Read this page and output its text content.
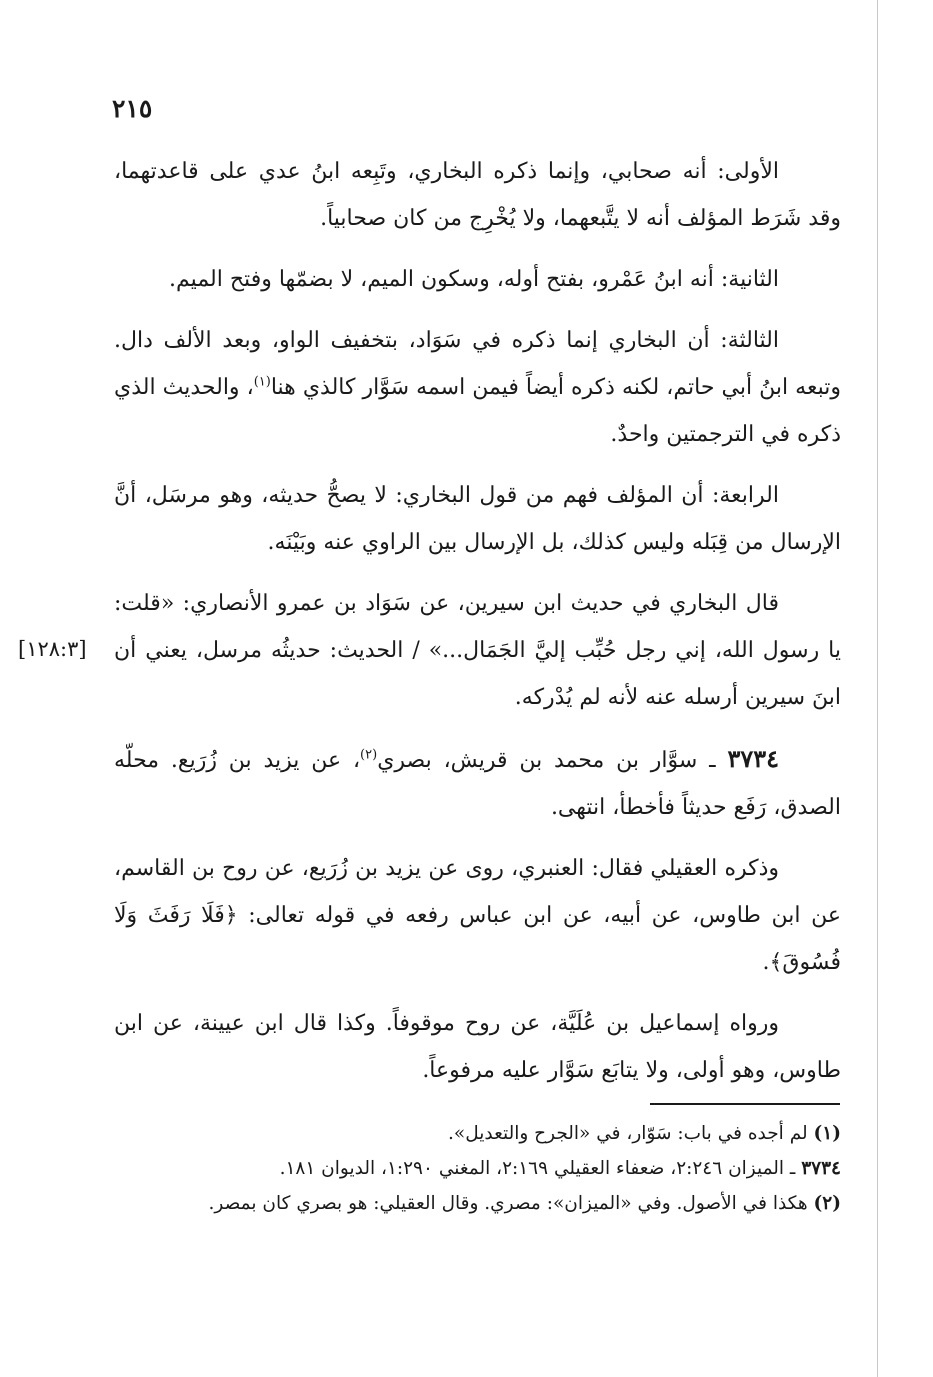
٢١٥
[١٢٨:٣]

الأولى: أنه صحابي، وإنما ذكره البخاري، وتَبِعه ابنُ عدي على قاعدتهما، وقد شَرَط المؤلف أنه لا يتَّبعهما، ولا يُخْرِج من كان صحابياً.

الثانية: أنه ابنُ عَمْرو، بفتح أوله، وسكون الميم، لا بضمّها وفتح الميم.

الثالثة: أن البخاري إنما ذكره في سَوَاد، بتخفيف الواو، وبعد الألف دال. وتبعه ابنُ أبي حاتم، لكنه ذكره أيضاً فيمن اسمه سَوَّار كالذي هنا$^{(١)}$، والحديث الذي ذكره في الترجمتين واحدٌ.

الرابعة: أن المؤلف فهم من قول البخاري: لا يصحُّ حديثه، وهو مرسَل، أنَّ الإرسال من قِبَله وليس كذلك، بل الإرسال بين الراوي عنه وبَيْنَه.

قال البخاري في حديث ابن سيرين، عن سَوَاد بن عمرو الأنصاري: «قلت: يا رسول الله، إني رجل حُبِّب إليَّ الجَمَال...» / الحديث: حديثُه مرسل، يعني أن ابنَ سيرين أرسله عنه لأنه لم يُدْركه.

٣٧٣٤ ـ سوَّار بن محمد بن قريش، بصري$^{(٢)}$، عن يزيد بن زُرَيع. محلّه الصدق، رَفَع حديثاً فأخطأ، انتهى.

وذكره العقيلي فقال: العنبري، روى عن يزيد بن زُرَيع، عن روح بن القاسم، عن ابن طاوس، عن أبيه، عن ابن عباس رفعه في قوله تعالى: ﴿فَلَا رَفَثَ وَلَا فُسُوقَ﴾.

ورواه إسماعيل بن عُلَيَّة، عن روح موقوفاً. وكذا قال ابن عيينة، عن ابن طاوس، وهو أولى، ولا يتابَع سَوَّار عليه مرفوعاً.

(١) لم أجده في باب: سَوّار، في «الجرح والتعديل».

٣٧٣٤ ـ الميزان ٢:٢٤٦، ضعفاء العقيلي ٢:١٦٩، المغني ١:٢٩٠، الديوان ١٨١.

(٢) هكذا في الأصول. وفي «الميزان»: مصري. وقال العقيلي: هو بصري كان بمصر.
